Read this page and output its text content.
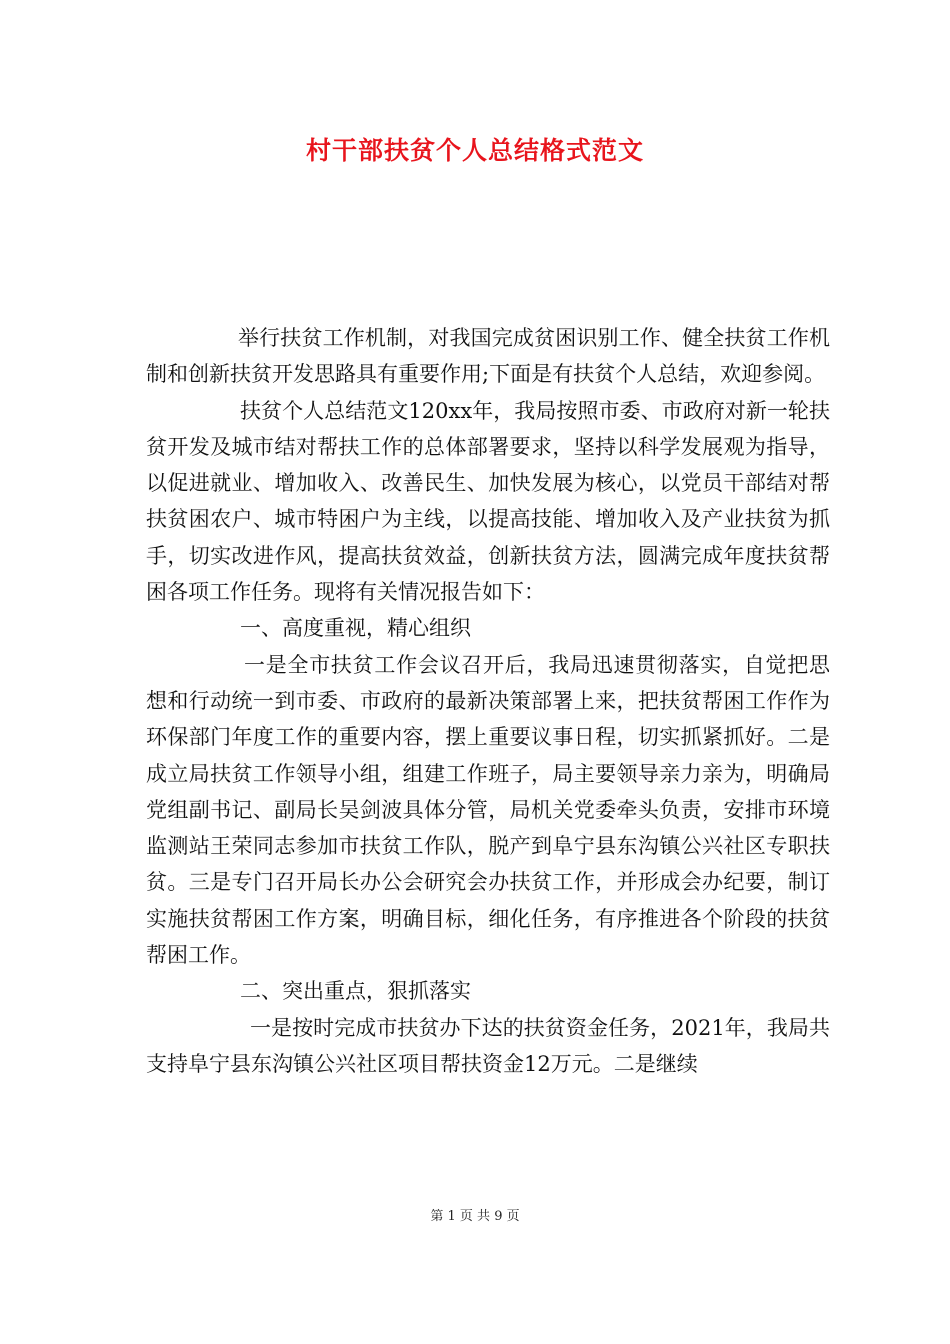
村干部扶贫个人总结格式范文

举行扶贫工作机制，对我国完成贫困识别工作、健全扶贫工作机制和创新扶贫开发思路具有重要作用;下面是有扶贫个人总结，欢迎参阅。

扶贫个人总结范文120xx年，我局按照市委、市政府对新一轮扶贫开发及城市结对帮扶工作的总体部署要求，坚持以科学发展观为指导，以促进就业、增加收入、改善民生、加快发展为核心，以党员干部结对帮扶贫困农户、城市特困户为主线，以提高技能、增加收入及产业扶贫为抓手，切实改进作风，提高扶贫效益，创新扶贫方法，圆满完成年度扶贫帮困各项工作任务。现将有关情况报告如下：

一、高度重视，精心组织

一是全市扶贫工作会议召开后，我局迅速贯彻落实，自觉把思想和行动统一到市委、市政府的最新决策部署上来，把扶贫帮困工作作为环保部门年度工作的重要内容，摆上重要议事日程，切实抓紧抓好。二是成立局扶贫工作领导小组，组建工作班子，局主要领导亲力亲为，明确局党组副书记、副局长吴剑波具体分管，局机关党委牵头负责，安排市环境监测站王荣同志参加市扶贫工作队，脱产到阜宁县东沟镇公兴社区专职扶贫。三是专门召开局长办公会研究会办扶贫工作，并形成会办纪要，制订实施扶贫帮困工作方案，明确目标，细化任务，有序推进各个阶段的扶贫帮困工作。

二、突出重点，狠抓落实

一是按时完成市扶贫办下达的扶贫资金任务，2021年，我局共支持阜宁县东沟镇公兴社区项目帮扶资金12万元。二是继续

第 1 页 共 9 页
